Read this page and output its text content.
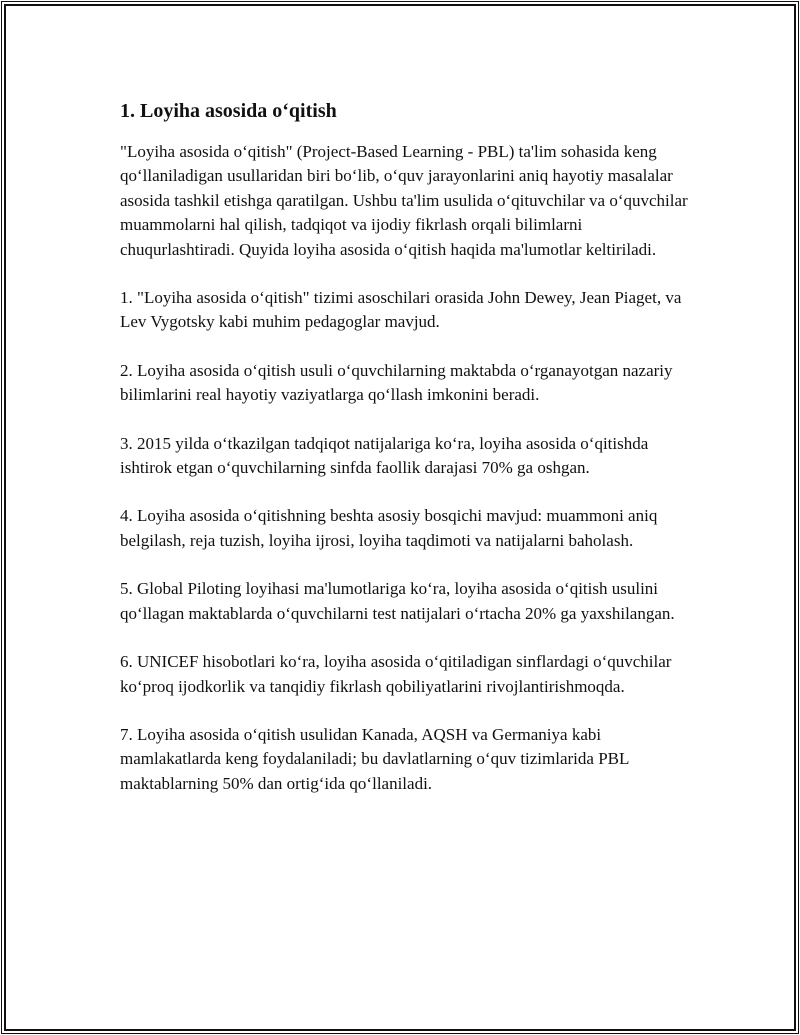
1. Loyiha asosida o‘qitish

"Loyiha asosida o‘qitish" (Project-Based Learning - PBL) ta'lim sohasida keng qo‘llaniladigan usullaridan biri bo‘lib, o‘quv jarayonlarini aniq hayotiy masalalar asosida tashkil etishga qaratilgan. Ushbu ta'lim usulida o‘qituvchilar va o‘quvchilar muammolarni hal qilish, tadqiqot va ijodiy fikrlash orqali bilimlarni chuqurlashtiradi. Quyida loyiha asosida o‘qitish haqida ma'lumotlar keltiriladi.

1. "Loyiha asosida o‘qitish" tizimi asoschilari orasida John Dewey, Jean Piaget, va Lev Vygotsky kabi muhim pedagoglar mavjud.

2. Loyiha asosida o‘qitish usuli o‘quvchilarning maktabda o‘rganayotgan nazariy bilimlarini real hayotiy vaziyatlarga qo‘llash imkonini beradi.

3. 2015 yilda o‘tkazilgan tadqiqot natijalariga ko‘ra, loyiha asosida o‘qitishda ishtirok etgan o‘quvchilarning sinfda faollik darajasi 70% ga oshgan.

4. Loyiha asosida o‘qitishning beshta asosiy bosqichi mavjud: muammoni aniq belgilash, reja tuzish, loyiha ijrosi, loyiha taqdimoti va natijalarni baholash.

5. Global Piloting loyihasi ma'lumotlariga ko‘ra, loyiha asosida o‘qitish usulini qo‘llagan maktablarda o‘quvchilarni test natijalari o‘rtacha 20% ga yaxshilangan.

6. UNICEF hisobotlari ko‘ra, loyiha asosida o‘qitiladigan sinflardagi o‘quvchilar ko‘proq ijodkorlik va tanqidiy fikrlash qobiliyatlarini rivojlantirishmoqda.

7. Loyiha asosida o‘qitish usulidan Kanada, AQSH va Germaniya kabi mamlakatlarda keng foydalaniladi; bu davlatlarning o‘quv tizimlarida PBL maktablarning 50% dan ortig‘ida qo‘llaniladi.
